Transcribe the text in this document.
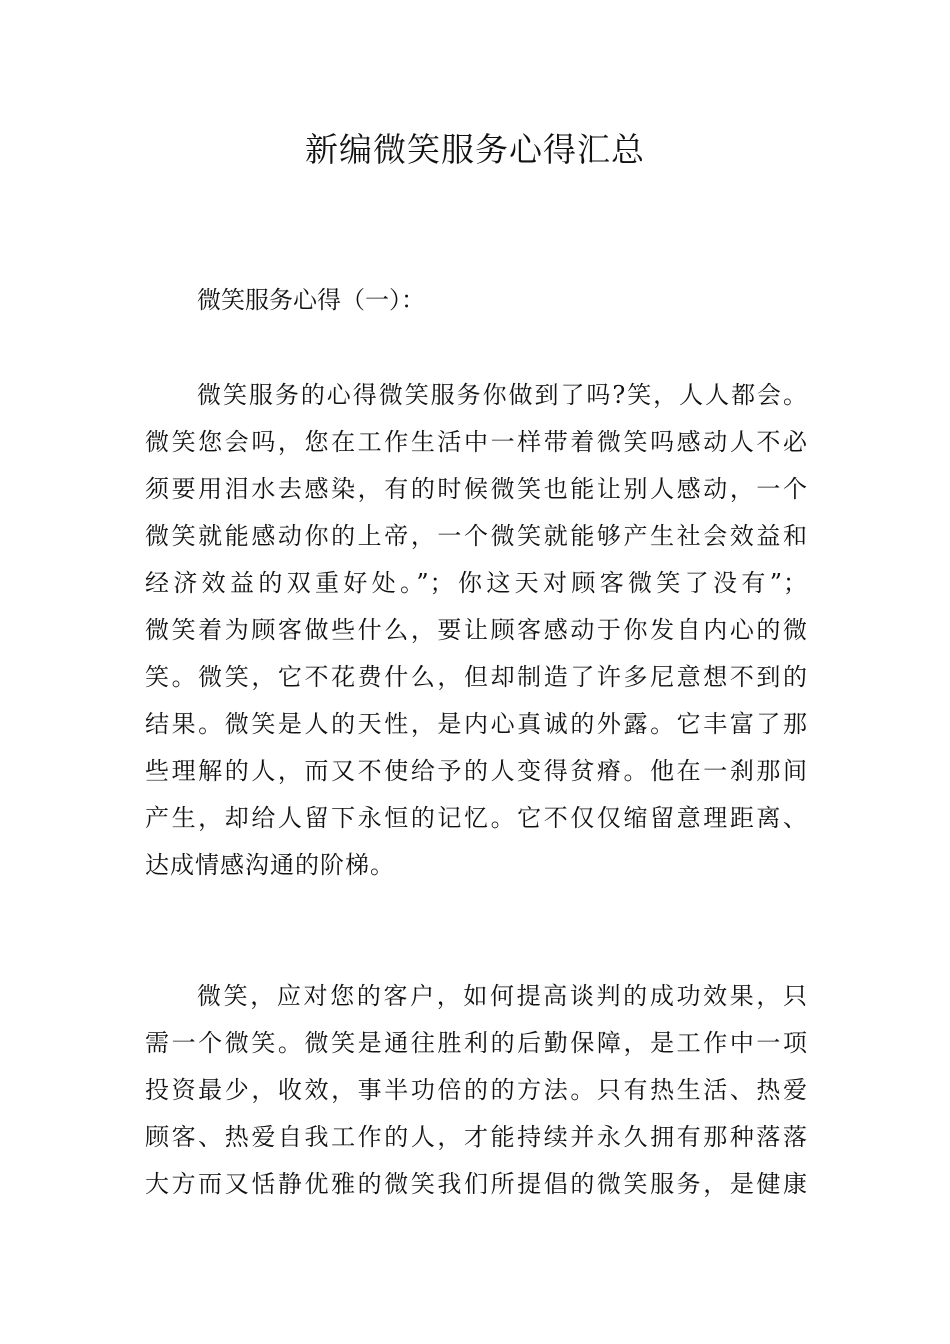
新编微笑服务心得汇总
微笑服务心得（一）：
微笑服务的心得微笑服务你做到了吗?笑，人人都会。
微笑您会吗，您在工作生活中一样带着微笑吗感动人不必
须要用泪水去感染，有的时候微笑也能让别人感动，一个
微笑就能感动你的上帝，一个微笑就能够产生社会效益和
经济效益的双重好处。”；你这天对顾客微笑了没有”；
微笑着为顾客做些什么，要让顾客感动于你发自内心的微
笑。微笑，它不花费什么，但却制造了许多尼意想不到的
结果。微笑是人的天性，是内心真诚的外露。它丰富了那
些理解的人，而又不使给予的人变得贫瘠。他在一刹那间
产生，却给人留下永恒的记忆。它不仅仅缩留意理距离、
达成情感沟通的阶梯。
微笑，应对您的客户，如何提高谈判的成功效果，只
需一个微笑。微笑是通往胜利的后勤保障，是工作中一项
投资最少，收效，事半功倍的的方法。只有热生活、热爱
顾客、热爱自我工作的人，才能持续并永久拥有那种落落
大方而又恬静优雅的微笑我们所提倡的微笑服务，是健康
